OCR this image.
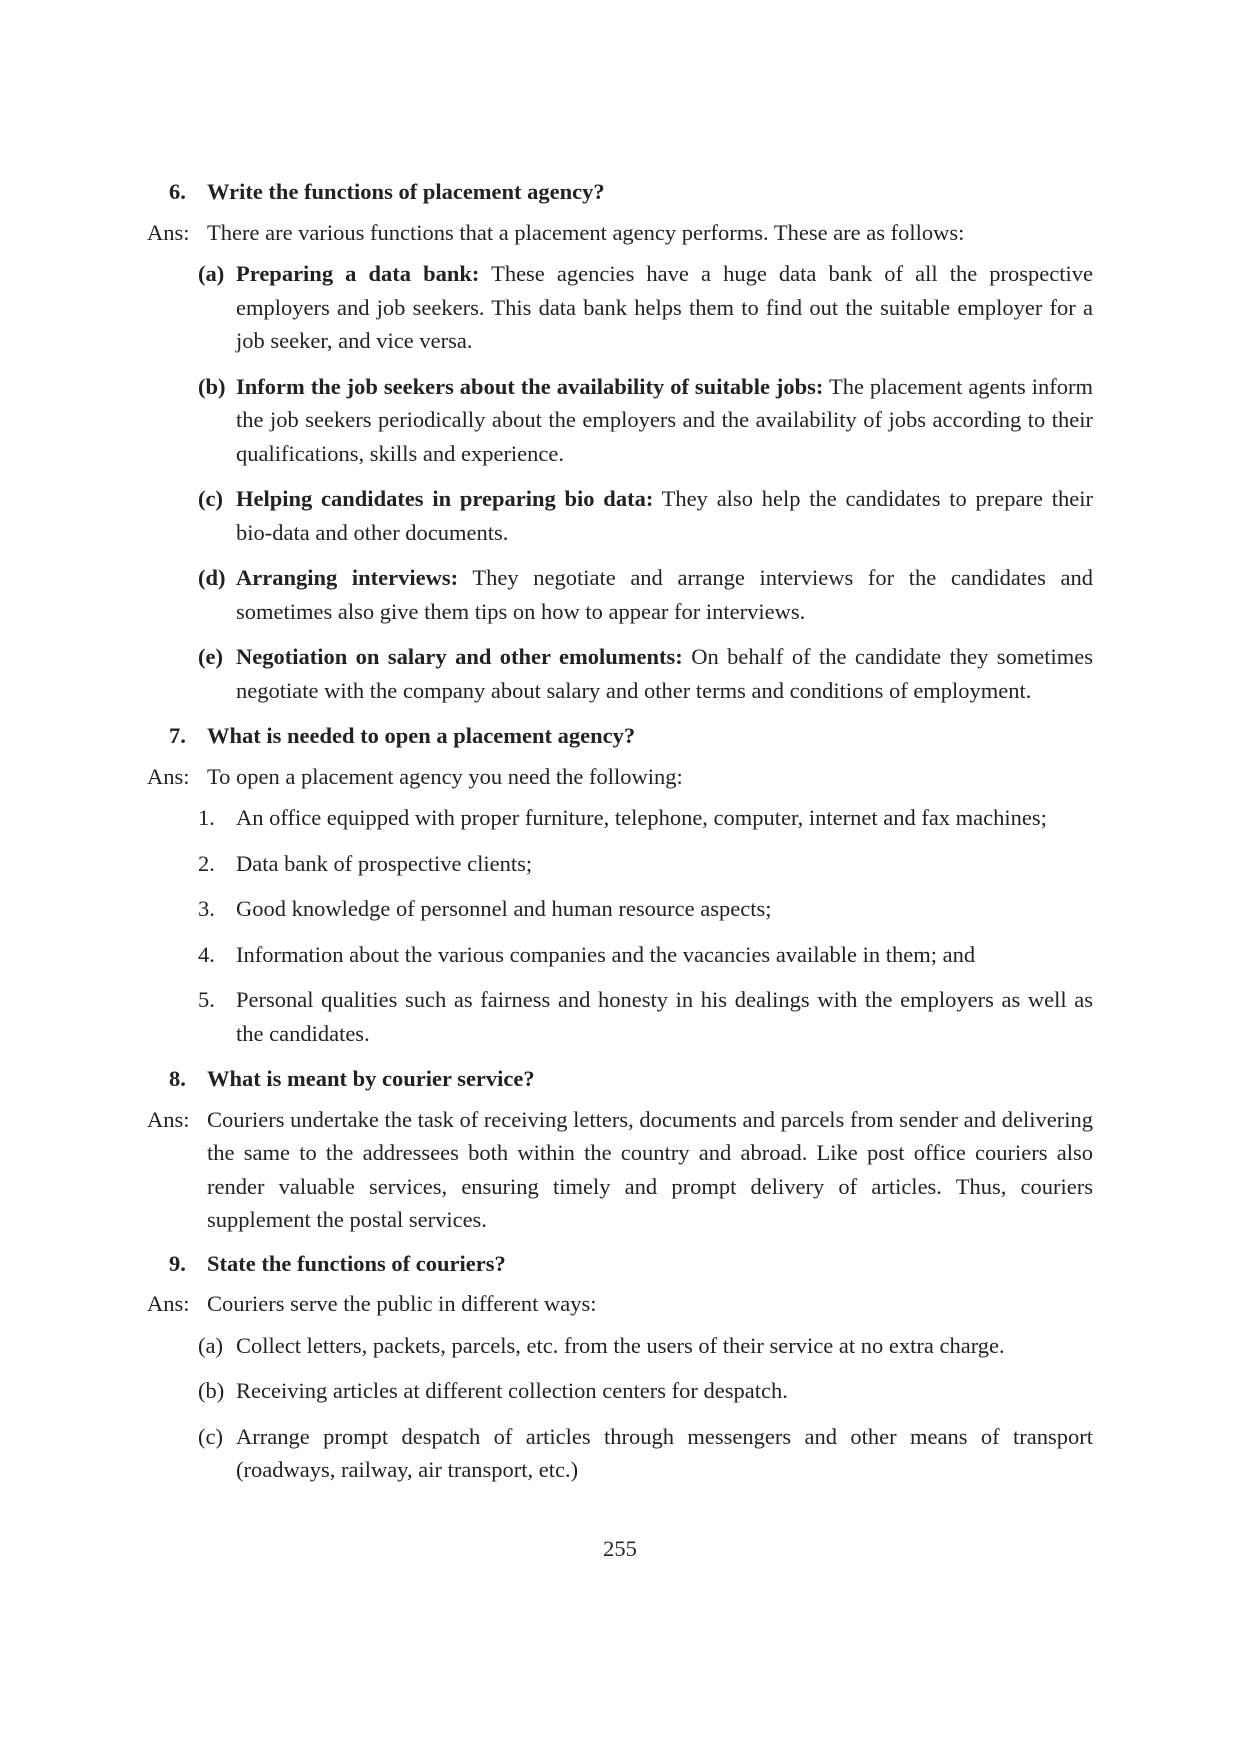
6. Write the functions of placement agency?
Ans: There are various functions that a placement agency performs. These are as follows:
(a) Preparing a data bank: These agencies have a huge data bank of all the prospective employers and job seekers. This data bank helps them to find out the suitable employer for a job seeker, and vice versa.
(b) Inform the job seekers about the availability of suitable jobs: The placement agents inform the job seekers periodically about the employers and the availability of jobs according to their qualifications, skills and experience.
(c) Helping candidates in preparing bio data: They also help the candidates to prepare their bio-data and other documents.
(d) Arranging interviews: They negotiate and arrange interviews for the candidates and sometimes also give them tips on how to appear for interviews.
(e) Negotiation on salary and other emoluments: On behalf of the candidate they sometimes negotiate with the company about salary and other terms and conditions of employment.
7. What is needed to open a placement agency?
Ans: To open a placement agency you need the following:
1. An office equipped with proper furniture, telephone, computer, internet and fax machines;
2. Data bank of prospective clients;
3. Good knowledge of personnel and human resource aspects;
4. Information about the various companies and the vacancies available in them; and
5. Personal qualities such as fairness and honesty in his dealings with the employers as well as the candidates.
8. What is meant by courier service?
Ans: Couriers undertake the task of receiving letters, documents and parcels from sender and delivering the same to the addressees both within the country and abroad. Like post office couriers also render valuable services, ensuring timely and prompt delivery of articles. Thus, couriers supplement the postal services.
9. State the functions of couriers?
Ans: Couriers serve the public in different ways:
(a) Collect letters, packets, parcels, etc. from the users of their service at no extra charge.
(b) Receiving articles at different collection centers for despatch.
(c) Arrange prompt despatch of articles through messengers and other means of transport (roadways, railway, air transport, etc.)
255
